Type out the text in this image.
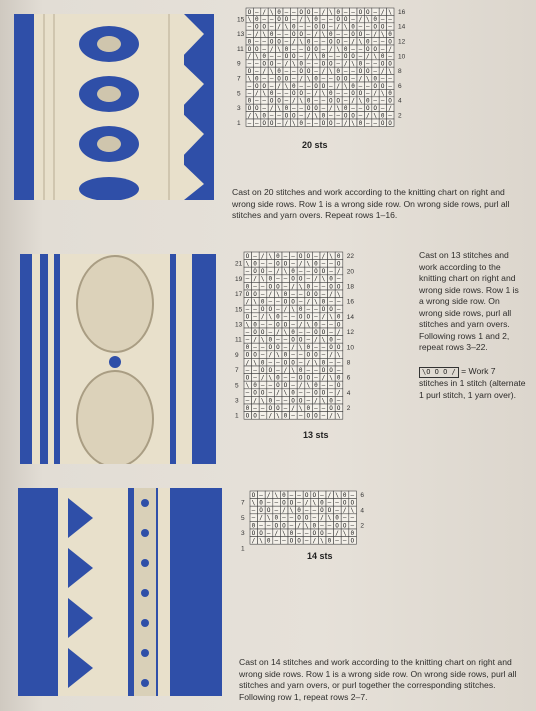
O — / \ 0 — — O O — / \ 0 — — O O — / \
\ 0 — — O O — / \ 0 — — O O — / \ 0 — —
— O O — / \ 0 — — O O — / \ 0 — — O O —
— / \ 0 — — O O — / \ 0 — — O O — / \ 0
0 — — O O — / \ 0 — — O O — / \ 0 — — O
O O — / \ 0 — — O O — / \ 0 — — O O — /
/ \ 0 — — O O — / \ 0 — — O O — / \ 0 —
— — O O — / \ 0 — — O O — / \ 0 — — O O
O — / \ 0 — — O O — / \ 0 — — O O — / \
\ 0 — — O O — / \ 0 — — O O — / \ 0 — —
— O O — / \ 0 — — O O — / \ 0 — — O O —
— / \ 0 — — O O — / \ 0 — — O O — / \ 0
0 — — O O — / \ 0 — — O O — / \ 0 — — O
O O — / \ 0 — — O O — / \ 0 — — O O — /
/ \ 0 — — O O — / \ 0 — — O O — / \ 0 —
— — O O — / \ 0 — — O O — / \ 0 — — O O
15
13
11
9
7
5
3
1
16
14
12
10
8
6
4
2
20 sts
Cast on 20 stitches and work according to the knitting chart on right and wrong side rows. Row 1 is a wrong side row. On wrong side rows, purl all stitches and yarn overs. Repeat rows 1–16.
O — / \ 0 — — O O — / \ 0
\ 0 — — O O — / \ 0 — — O
— O O — / \ 0 — — O O — /
— / \ 0 — — O O — / \ 0 —
0 — — O O — / \ 0 — — O O
O O — / \ 0 — — O O — / \
/ \ 0 — — O O — / \ 0 — —
— — O O — / \ 0 — — O O —
O — / \ 0 — — O O — / \ 0
\ 0 — — O O — / \ 0 — — O
— O O — / \ 0 — — O O — /
— / \ 0 — — O O — / \ 0 —
0 — — O O — / \ 0 — — O O
O O — / \ 0 — — O O — / \
/ \ 0 — — O O — / \ 0 — —
— — O O — / \ 0 — — O O —
O — / \ 0 — — O O — / \ 0
\ 0 — — O O — / \ 0 — — O
— O O — / \ 0 — — O O — /
— / \ 0 — — O O — / \ 0 —
0 — — O O — / \ 0 — — O O
O O — / \ 0 — — O O — / \
21
19
17
15
13
11
9
7
5
3
1
22
20
18
16
14
12
10
8
6
4
2
13 sts
Cast on 13 stitches and work according to the knitting chart on right and wrong side rows. Row 1 is a wrong side row. On wrong side rows, purl all stitches and yarn overs. Following rows 1 and 2, repeat rows 3–22.
\O O O / = Work 7 stitches in 1 stitch (alternate 1 purl stitch, 1 yarn over).
O — / \ 0 — — O O — / \ 0 —
\ 0 — — O O — / \ 0 — — O O
— O O — / \ 0 — — O O — / \
— / \ 0 — — O O — / \ 0 — —
0 — — O O — / \ 0 — — O O —
O O — / \ 0 — — O O — / \ 0
/ \ 0 — — O O — / \ 0 — — O
7
5
3
1
6
4
2
14 sts
Cast on 14 stitches and work according to the knitting chart on right and wrong side rows. Row 1 is a wrong side row. On wrong side rows, purl all stitches and yarn overs, or purl together the corresponding stitches. Following row 1, repeat rows 2–7.
